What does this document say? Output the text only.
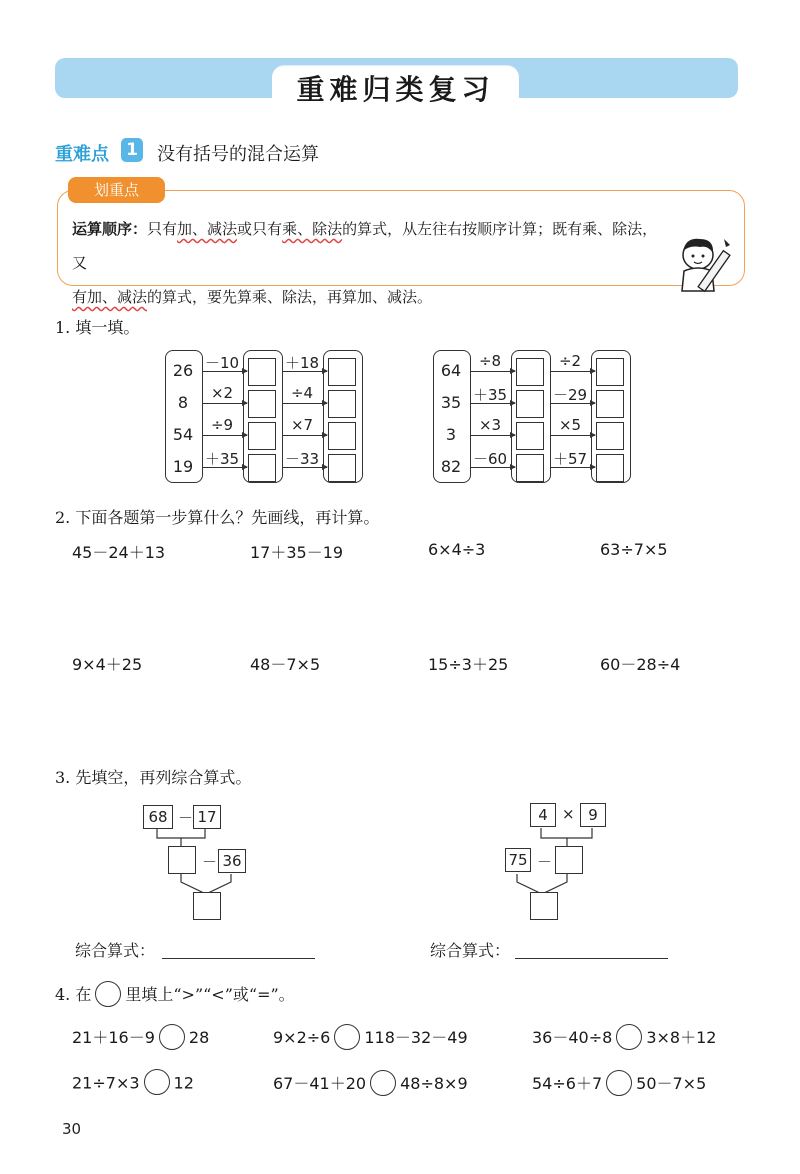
重难归类复习
重难点 1 没有括号的混合运算
划重点
运算顺序：只有加、减法或只有乘、除法的算式，从左往右按顺序计算；既有乘、除法，又
有加、减法的算式，要先算乘、除法，再算加、减法。
1. 填一填。
26 －10	＋18
8	×2	÷4
54	÷9	×7
19 ＋35	－33
64	÷8	÷2
35 ＋35	－29
3	×3	×5
82 －60	＋57
2. 下面各题第一步算什么？先画线，再计算。
45－24＋13	17＋35－19	6×4÷3	63÷7×5
9×4＋25	48－7×5	15÷3＋25	60－28÷4
3. 先填空，再列综合算式。
68 － 17
－ 36
4 × 9
75 －
综合算式：	综合算式：
4. 在 里填上“>”“<”或“=”。
21＋16－9 28	9×2÷6 118－32－49	36－40÷8 3×8＋12
21÷7×3 12	67－41＋20 48÷8×9	54÷6＋7 50－7×5
30
